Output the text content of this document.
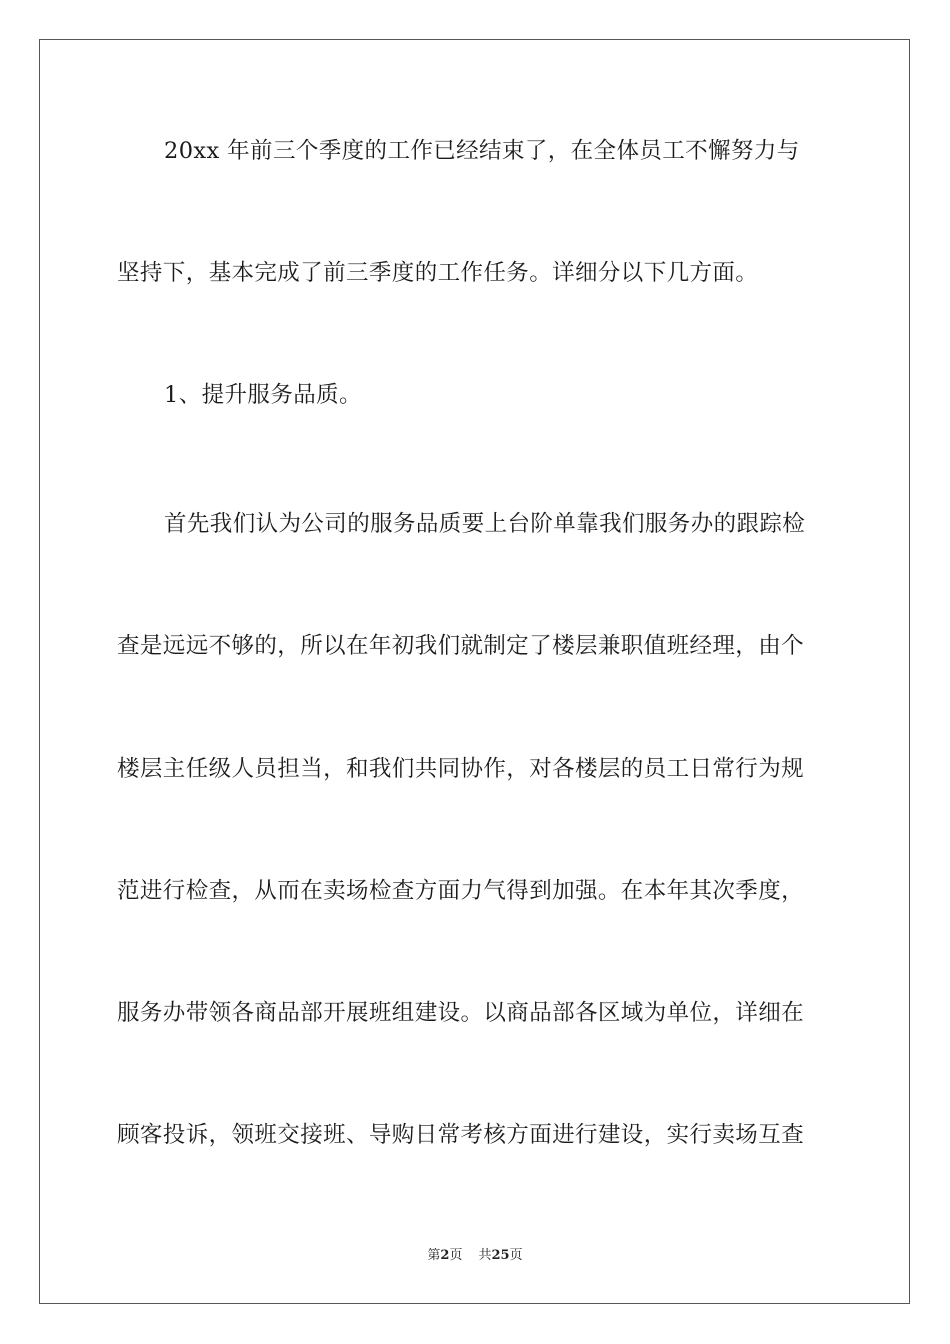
20xx 年前三个季度的工作已经结束了，在全体员工不懈努力与
坚持下，基本完成了前三季度的工作任务。详细分以下几方面。
1、提升服务品质。
首先我们认为公司的服务品质要上台阶单靠我们服务办的跟踪检
查是远远不够的，所以在年初我们就制定了楼层兼职值班经理，由个
楼层主任级人员担当，和我们共同协作，对各楼层的员工日常行为规
范进行检查，从而在卖场检查方面力气得到加强。在本年其次季度，
服务办带领各商品部开展班组建设。以商品部各区域为单位，详细在
顾客投诉，领班交接班、导购日常考核方面进行建设，实行卖场互查
第2页 共25页
